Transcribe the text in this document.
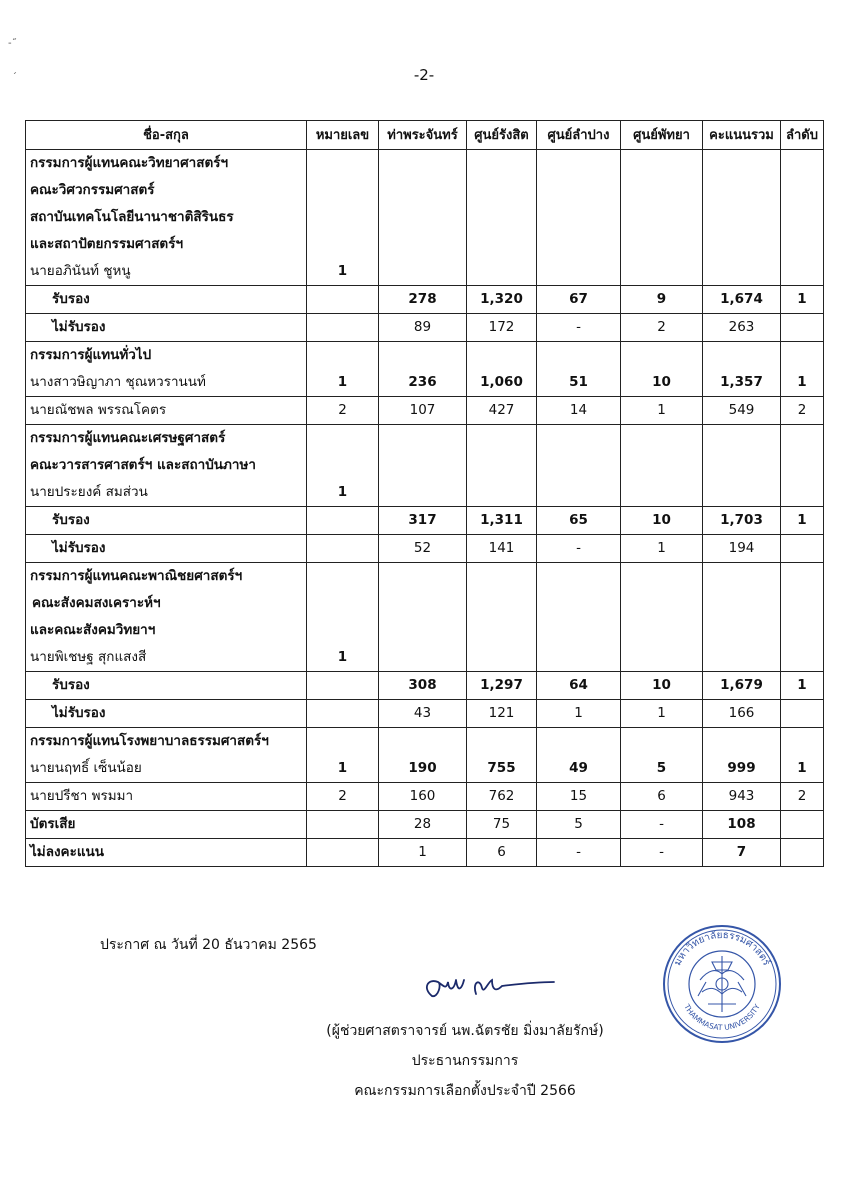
-˝
ˊ	-2-
ชื่อ-สกุล	หมายเลข	ท่าพระจันทร์	ศูนย์รังสิต	ศูนย์ลำปาง	ศูนย์พัทยา	คะแนนรวม	ลำดับ
กรรมการผู้แทนคณะวิทยาศาสตร์ฯ							
คณะวิศวกรรมศาสตร์							
สถาบันเทคโนโลยีนานาชาติสิรินธร							
และสถาปัตยกรรมศาสตร์ฯ							
นายอภินันท์ ชูหนู	1						
รับรอง		278	1,320	67	9	1,674	1
ไม่รับรอง		89	172	-	2	263	
กรรมการผู้แทนทั่วไป							
นางสาวษิญาภา ชุณหวรานนท์	1	236	1,060	51	10	1,357	1
นายณัชพล พรรณโคตร	2	107	427	14	1	549	2
กรรมการผู้แทนคณะเศรษฐศาสตร์							
คณะวารสารศาสตร์ฯ และสถาบันภาษา							
นายประยงค์ สมส่วน	1						
รับรอง		317	1,311	65	10	1,703	1
ไม่รับรอง		52	141	-	1	194	
กรรมการผู้แทนคณะพาณิชยศาสตร์ฯ							
คณะสังคมสงเคราะห์ฯ							
และคณะสังคมวิทยาฯ							
นายพิเชษฐ สุกแสงสี	1						
รับรอง		308	1,297	64	10	1,679	1
ไม่รับรอง		43	121	1	1	166	
กรรมการผู้แทนโรงพยาบาลธรรมศาสตร์ฯ							
นายนฤทธิ์ เซ็นน้อย	1	190	755	49	5	999	1
นายปรีชา พรมมา	2	160	762	15	6	943	2
บัตรเสีย		28	75	5	-	108	
ไม่ลงคะแนน		1	6	-	-	7	
ประกาศ ณ วันที่ 20 ธันวาคม 2565
(ผู้ช่วยศาสตราจารย์ นพ.ฉัตรชัย มิ่งมาลัยรักษ์)
ประธานกรรมการ
คณะกรรมการเลือกตั้งประจำปี 2566
มหาวิทยาลัยธรรมศาสตร์
THAMMASAT UNIVERSITY
